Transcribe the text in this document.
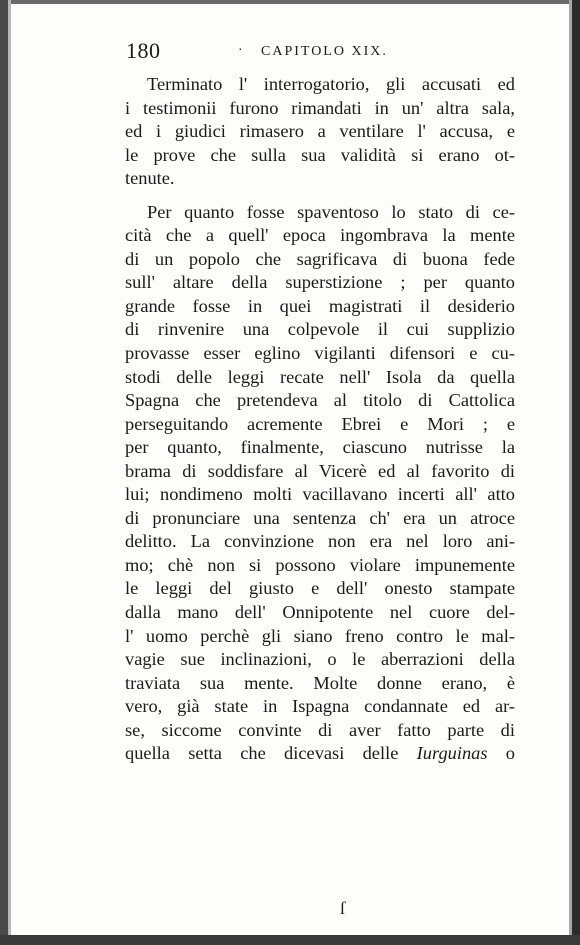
180	· CAPITOLO XIX.
Terminato l' interrogatorio, gli accusati ed
i testimonii furono rimandati in un' altra sala,
ed i giudici rimasero a ventilare l' accusa, e
le prove che sulla sua validità si erano ot-
tenute.
Per quanto fosse spaventoso lo stato di ce-
cità che a quell' epoca ingombrava la mente
di un popolo che sagrificava di buona fede
sull' altare della superstizione ; per quanto
grande fosse in quei magistrati il desiderio
di rinvenire una colpevole il cui supplizio
provasse esser eglino vigilanti difensori e cu-
stodi delle leggi recate nell' Isola da quella
Spagna che pretendeva al titolo di Cattolica
perseguitando acremente Ebrei e Mori ; e
per quanto, finalmente, ciascuno nutrisse la
brama di soddisfare al Vicerè ed al favorito di
lui; nondimeno molti vacillavano incerti all' atto
di pronunciare una sentenza ch' era un atroce
delitto. La convinzione non era nel loro ani-
mo; chè non si possono violare impunemente
le leggi del giusto e dell' onesto stampate
dalla mano dell' Onnipotente nel cuore del-
l' uomo perchè gli siano freno contro le mal-
vagie sue inclinazioni, o le aberrazioni della
traviata sua mente. Molte donne erano, è
vero, già state in Ispagna condannate ed ar-
se, siccome convinte di aver fatto parte di
quella setta che dicevasi delle Iurguinas o
ſ
